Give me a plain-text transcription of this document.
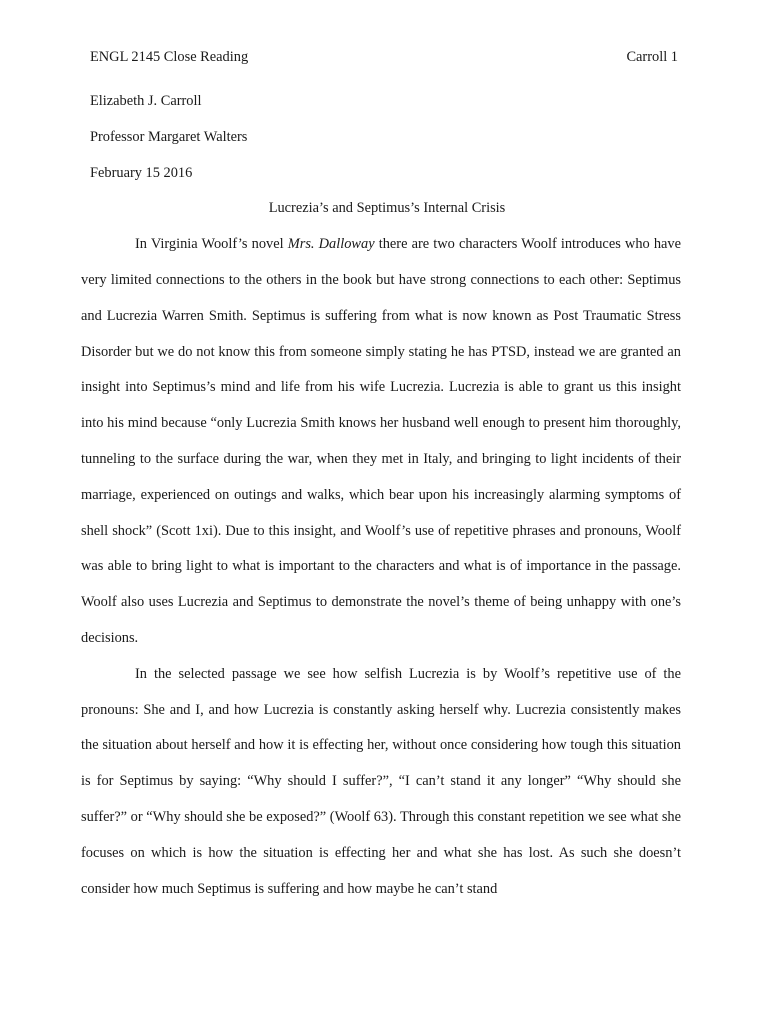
ENGL 2145 Close Reading	Carroll 1
Elizabeth J. Carroll
Professor Margaret Walters
February 15 2016
Lucrezia’s and Septimus’s Internal Crisis

In Virginia Woolf’s novel Mrs. Dalloway there are two characters Woolf introduces who have very limited connections to the others in the book but have strong connections to each other: Septimus and Lucrezia Warren Smith. Septimus is suffering from what is now known as Post Traumatic Stress Disorder but we do not know this from someone simply stating he has PTSD, instead we are granted an insight into Septimus’s mind and life from his wife Lucrezia. Lucrezia is able to grant us this insight into his mind because “only Lucrezia Smith knows her husband well enough to present him thoroughly, tunneling to the surface during the war, when they met in Italy, and bringing to light incidents of their marriage, experienced on outings and walks, which bear upon his increasingly alarming symptoms of shell shock” (Scott 1xi). Due to this insight, and Woolf’s use of repetitive phrases and pronouns, Woolf was able to bring light to what is important to the characters and what is of importance in the passage. Woolf also uses Lucrezia and Septimus to demonstrate the novel’s theme of being unhappy with one’s decisions.

In the selected passage we see how selfish Lucrezia is by Woolf’s repetitive use of the pronouns: She and I, and how Lucrezia is constantly asking herself why. Lucrezia consistently makes the situation about herself and how it is effecting her, without once considering how tough this situation is for Septimus by saying: “Why should I suffer?”, “I can’t stand it any longer” “Why should she suffer?” or “Why should she be exposed?” (Woolf 63). Through this constant repetition we see what she focuses on which is how the situation is effecting her and what she has lost. As such she doesn’t consider how much Septimus is suffering and how maybe he can’t stand
